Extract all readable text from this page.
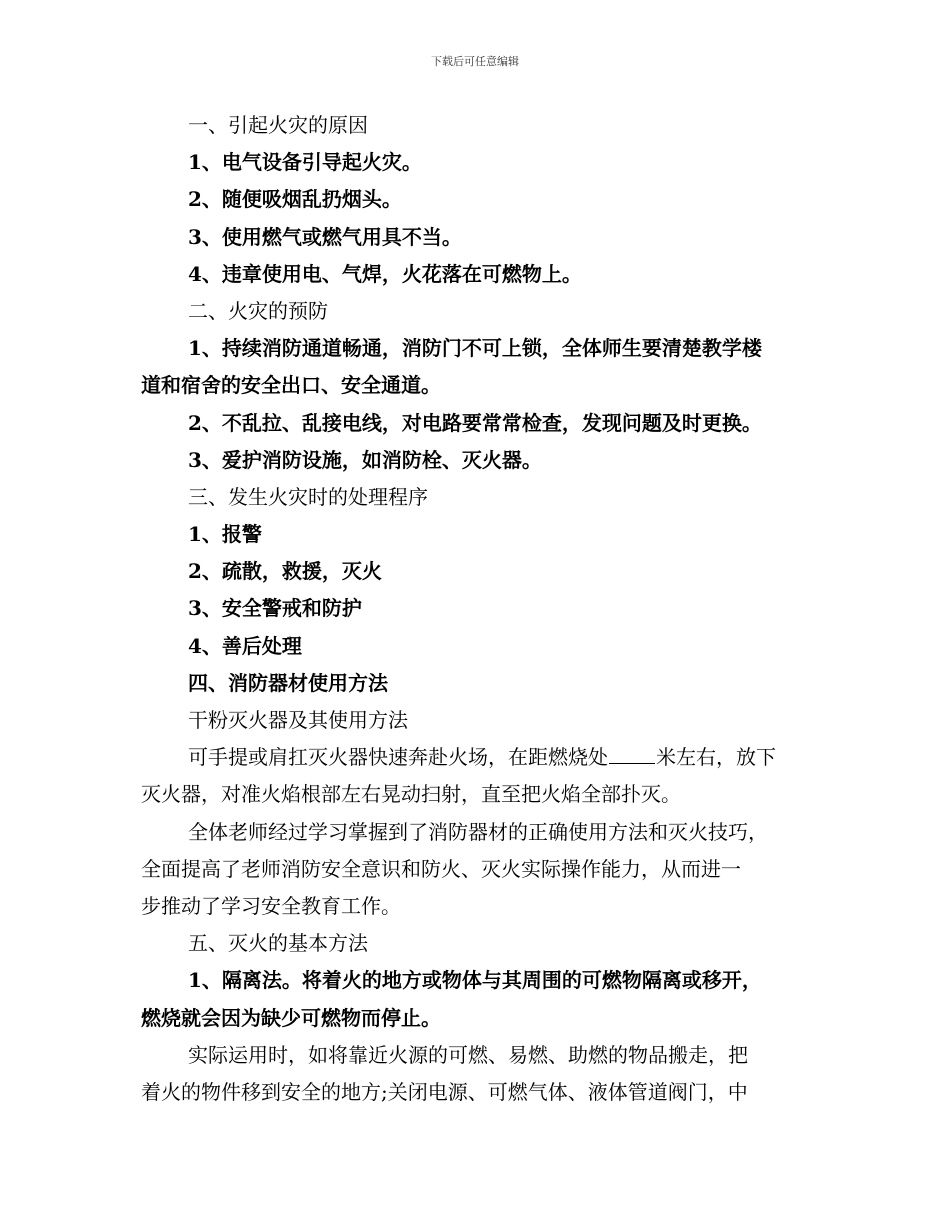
下载后可任意编辑
一、引起火灾的原因
1、电气设备引导起火灾。
2、随便吸烟乱扔烟头。
3、使用燃气或燃气用具不当。
4、违章使用电、气焊，火花落在可燃物上。
二、火灾的预防
1、持续消防通道畅通，消防门不可上锁，全体师生要清楚教学楼
道和宿舍的安全出口、安全通道。
2、不乱拉、乱接电线，对电路要常常检查，发现问题及时更换。
3、爱护消防设施，如消防栓、灭火器。
三、发生火灾时的处理程序
1、报警
2、疏散，救援，灭火
3、安全警戒和防护
4、善后处理
四、消防器材使用方法
干粉灭火器及其使用方法
可手提或肩扛灭火器快速奔赴火场，在距燃烧处 米左右，放下
灭火器，对准火焰根部左右晃动扫射，直至把火焰全部扑灭。
全体老师经过学习掌握到了消防器材的正确使用方法和灭火技巧，
全面提高了老师消防安全意识和防火、灭火实际操作能力，从而进一
步推动了学习安全教育工作。
五、灭火的基本方法
1、隔离法。将着火的地方或物体与其周围的可燃物隔离或移开，
燃烧就会因为缺少可燃物而停止。
实际运用时，如将靠近火源的可燃、易燃、助燃的物品搬走，把
着火的物件移到安全的地方;关闭电源、可燃气体、液体管道阀门，中
